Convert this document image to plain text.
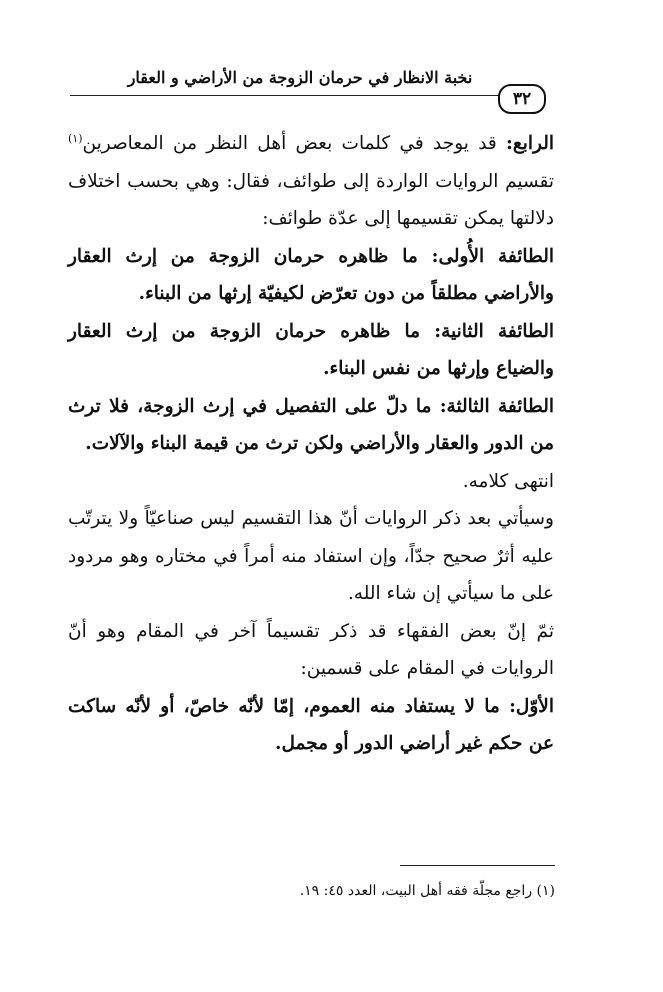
نخبة الانظار في حرمان الزوجة من الأراضي و العقار
٣٢

الرابع: قد يوجد في كلمات بعض أهل النظر من المعاصرين$^{(١)}$ تقسيم الروايات الواردة إلى طوائف، فقال: وهي بحسب اختلاف دلالتها يمكن تقسيمها إلى عدّة طوائف:

الطائفة الأُولى: ما ظاهره حرمان الزوجة من إرث العقار والأراضي مطلقاً من دون تعرّض لكيفيّة إرثها من البناء.

الطائفة الثانية: ما ظاهره حرمان الزوجة من إرث العقار والضياع وإرثها من نفس البناء.

الطائفة الثالثة: ما دلّ على التفصيل في إرث الزوجة، فلا ترث من الدور والعقار والأراضي ولكن ترث من قيمة البناء والآلات.

انتهى كلامه.

وسيأتي بعد ذكر الروايات أنّ هذا التقسيم ليس صناعيّاً ولا يترتّب عليه أثرٌ صحيح جدّاً، وإن استفاد منه أمراً في مختاره وهو مردود على ما سيأتي إن شاء الله.

ثمّ إنّ بعض الفقهاء قد ذكر تقسيماً آخر في المقام وهو أنّ الروايات في المقام على قسمين:

الأوّل: ما لا يستفاد منه العموم، إمّا لأنّه خاصّ، أو لأنّه ساكت عن حكم غير أراضي الدور أو مجمل.

(١) راجع مجلّة فقه أهل البيت، العدد ٤٥: ١٩.
